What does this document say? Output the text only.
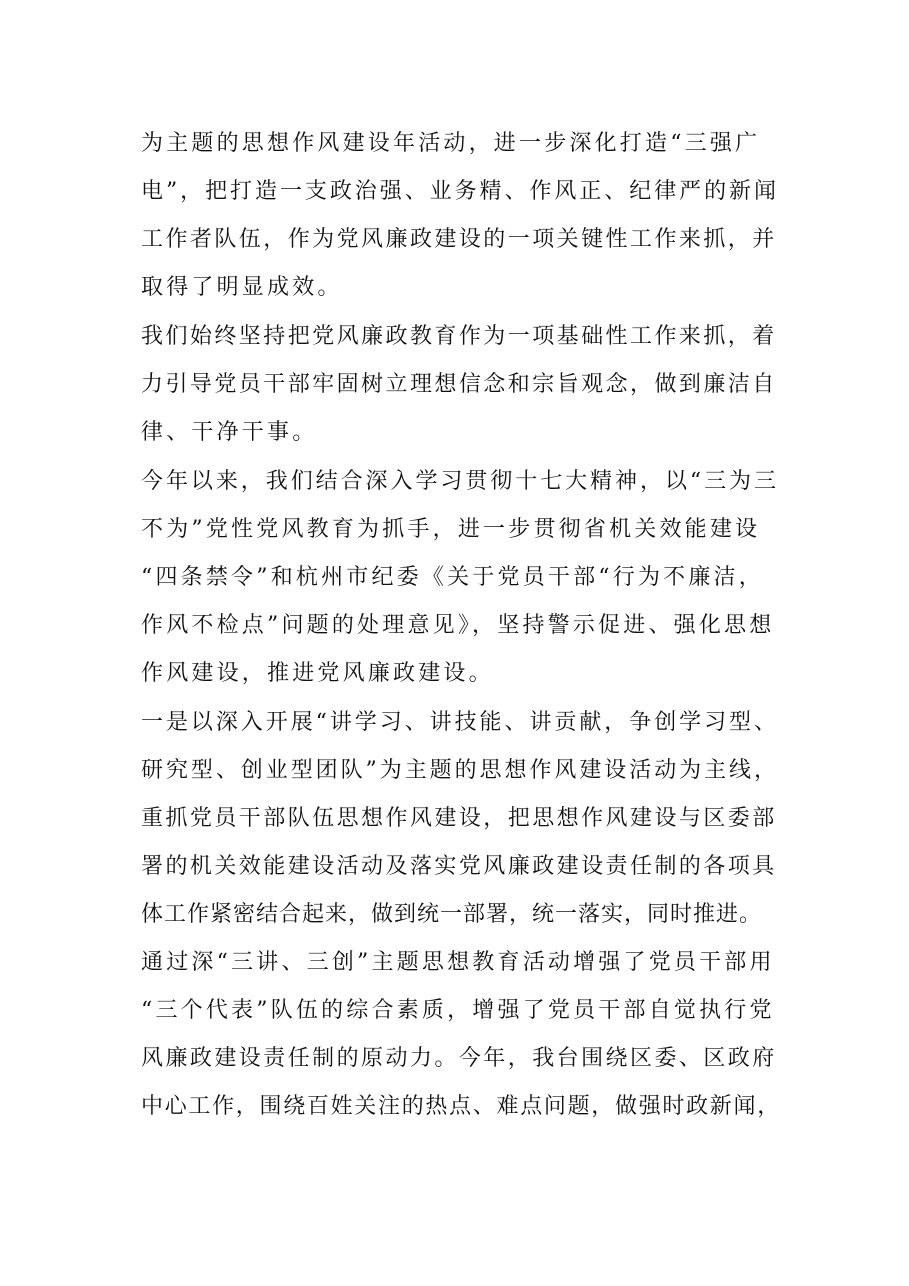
为主题的思想作风建设年活动，进一步深化打造“三强广
电”，把打造一支政治强、业务精、作风正、纪律严的新闻
工作者队伍，作为党风廉政建设的一项关键性工作来抓，并
取得了明显成效。
我们始终坚持把党风廉政教育作为一项基础性工作来抓，着
力引导党员干部牢固树立理想信念和宗旨观念，做到廉洁自
律、干净干事。
今年以来，我们结合深入学习贯彻十七大精神，以“三为三
不为”党性党风教育为抓手，进一步贯彻省机关效能建设
“四条禁令”和杭州市纪委《关于党员干部“行为不廉洁，
作风不检点”问题的处理意见》，坚持警示促进、强化思想
作风建设，推进党风廉政建设。
一是以深入开展“讲学习、讲技能、讲贡献，争创学习型、
研究型、创业型团队”为主题的思想作风建设活动为主线，
重抓党员干部队伍思想作风建设，把思想作风建设与区委部
署的机关效能建设活动及落实党风廉政建设责任制的各项具
体工作紧密结合起来，做到统一部署，统一落实，同时推进。
通过深“三讲、三创”主题思想教育活动增强了党员干部用
“三个代表”队伍的综合素质，增强了党员干部自觉执行党
风廉政建设责任制的原动力。今年，我台围绕区委、区政府
中心工作，围绕百姓关注的热点、难点问题，做强时政新闻，
